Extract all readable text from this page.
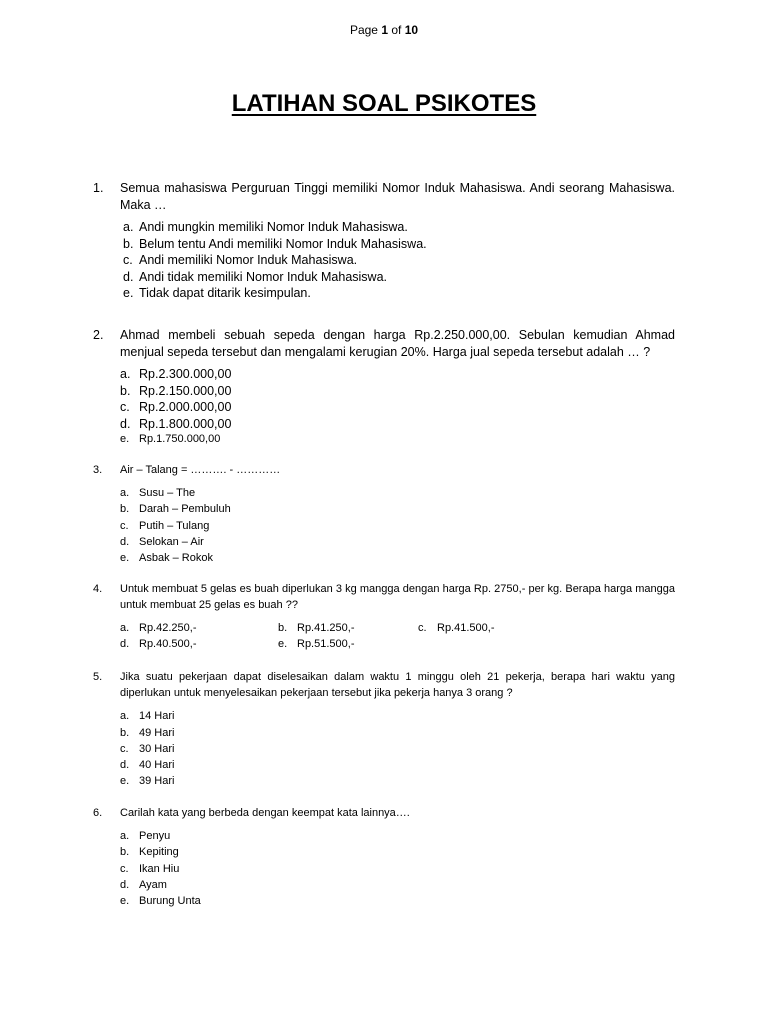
Page 1 of 10
LATIHAN SOAL PSIKOTES
1. Semua mahasiswa Perguruan Tinggi memiliki Nomor Induk Mahasiswa. Andi seorang Mahasiswa. Maka …
a. Andi mungkin memiliki Nomor Induk Mahasiswa.
b. Belum tentu Andi memiliki Nomor Induk Mahasiswa.
c. Andi memiliki Nomor Induk Mahasiswa.
d. Andi tidak memiliki Nomor Induk Mahasiswa.
e. Tidak dapat ditarik kesimpulan.
2. Ahmad membeli sebuah sepeda dengan harga Rp.2.250.000,00. Sebulan kemudian Ahmad menjual sepeda tersebut dan mengalami kerugian 20%. Harga jual sepeda tersebut adalah … ?
a. Rp.2.300.000,00
b. Rp.2.150.000,00
c. Rp.2.000.000,00
d. Rp.1.800.000,00
e. Rp.1.750.000,00
3. Air – Talang = ………. - …………
a. Susu – The
b. Darah – Pembuluh
c. Putih – Tulang
d. Selokan – Air
e. Asbak – Rokok
4. Untuk membuat 5 gelas es buah diperlukan 3 kg mangga dengan harga Rp. 2750,- per kg. Berapa harga mangga untuk membuat 25 gelas es buah ??
a. Rp.42.250,-	b. Rp.41.250,-	c. Rp.41.500,-
d. Rp.40.500,-	e. Rp.51.500,-
5. Jika suatu pekerjaan dapat diselesaikan dalam waktu 1 minggu oleh 21 pekerja, berapa hari waktu yang diperlukan untuk menyelesaikan pekerjaan tersebut jika pekerja hanya 3 orang ?
a. 14 Hari
b. 49 Hari
c. 30 Hari
d. 40 Hari
e. 39 Hari
6. Carilah kata yang berbeda dengan keempat kata lainnya….
a. Penyu
b. Kepiting
c. Ikan Hiu
d. Ayam
e. Burung Unta
